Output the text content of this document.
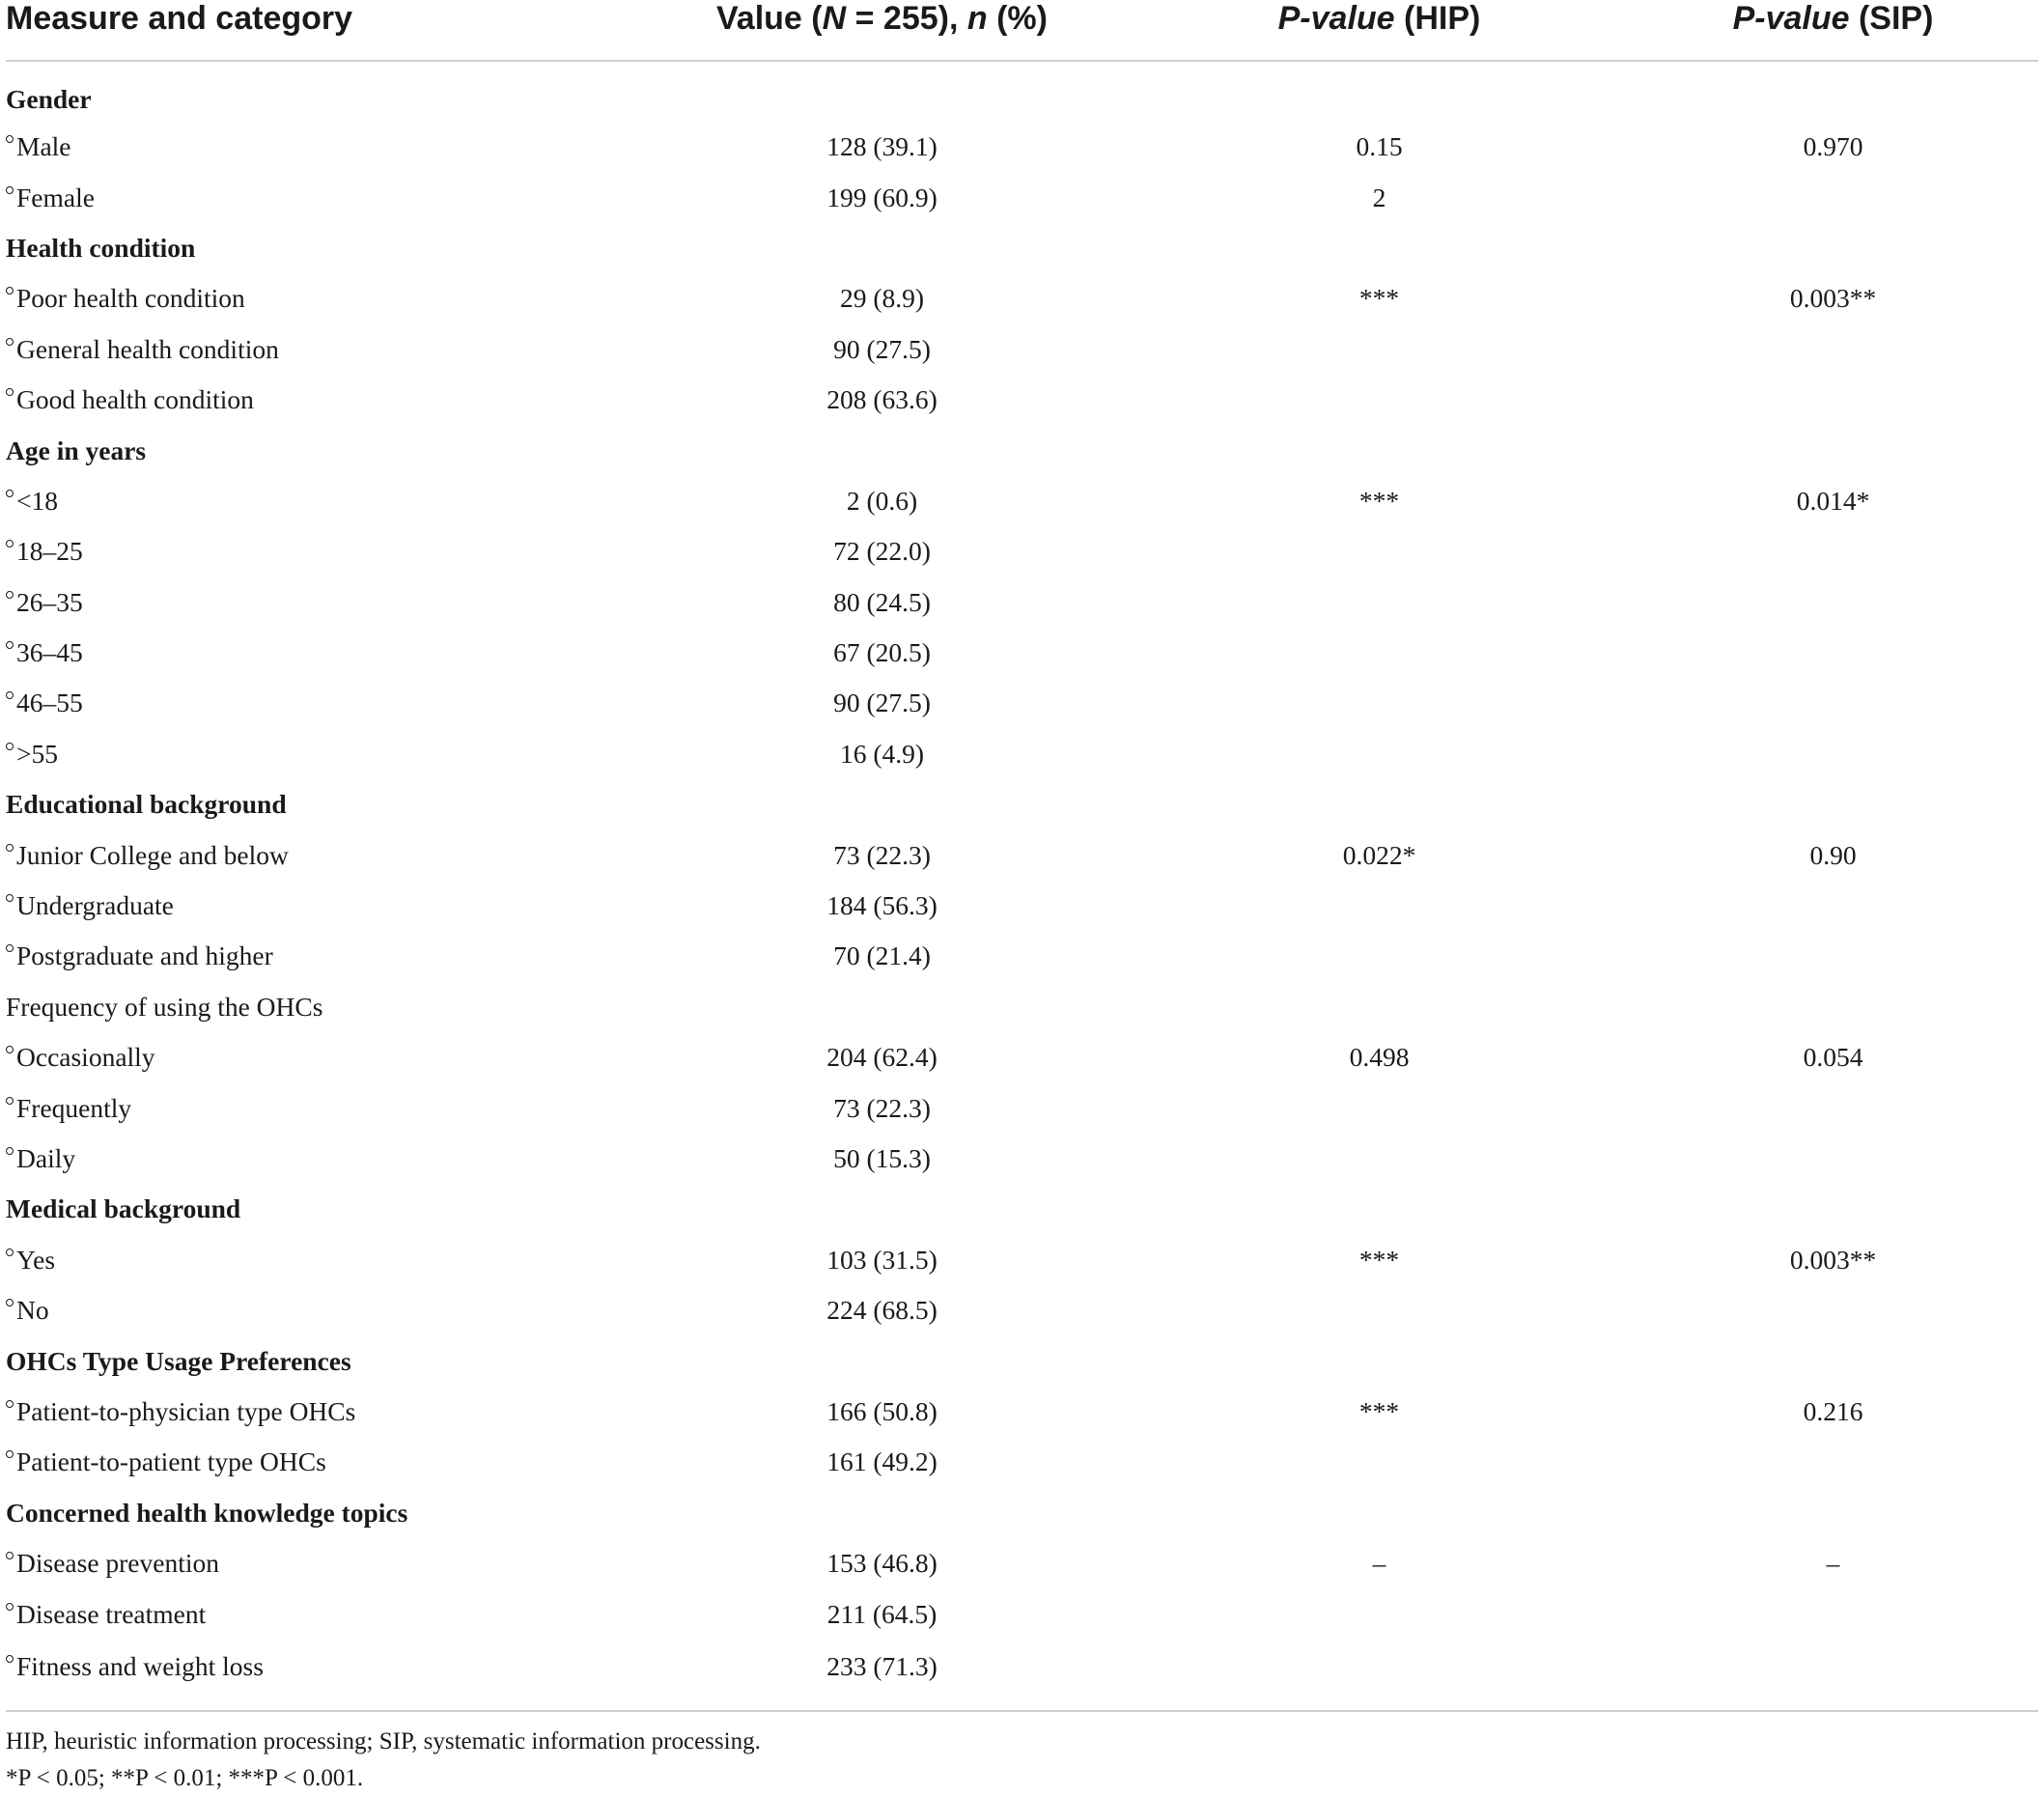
Measure and category	Value (N = 255), n (%)	P-value (HIP)	P-value (SIP)
Gender			
Male	128 (39.1)	0.15	0.970
Female	199 (60.9)	2	
Health condition			
Poor health condition	29 (8.9)	***	0.003**
General health condition	90 (27.5)		
Good health condition	208 (63.6)		
Age in years			
<18	2 (0.6)	***	0.014*
18–25	72 (22.0)		
26–35	80 (24.5)		
36–45	67 (20.5)		
46–55	90 (27.5)		
>55	16 (4.9)		
Educational background			
Junior College and below	73 (22.3)	0.022*	0.90
Undergraduate	184 (56.3)		
Postgraduate and higher	70 (21.4)		
Frequency of using the OHCs			
Occasionally	204 (62.4)	0.498	0.054
Frequently	73 (22.3)		
Daily	50 (15.3)		
Medical background			
Yes	103 (31.5)	***	0.003**
No	224 (68.5)		
OHCs Type Usage Preferences			
Patient-to-physician type OHCs	166 (50.8)	***	0.216
Patient-to-patient type OHCs	161 (49.2)		
Concerned health knowledge topics			
Disease prevention	153 (46.8)	–	–
Disease treatment	211 (64.5)		
Fitness and weight loss	233 (71.3)		
HIP, heuristic information processing; SIP, systematic information processing.
*P < 0.05; **P < 0.01; ***P < 0.001.
